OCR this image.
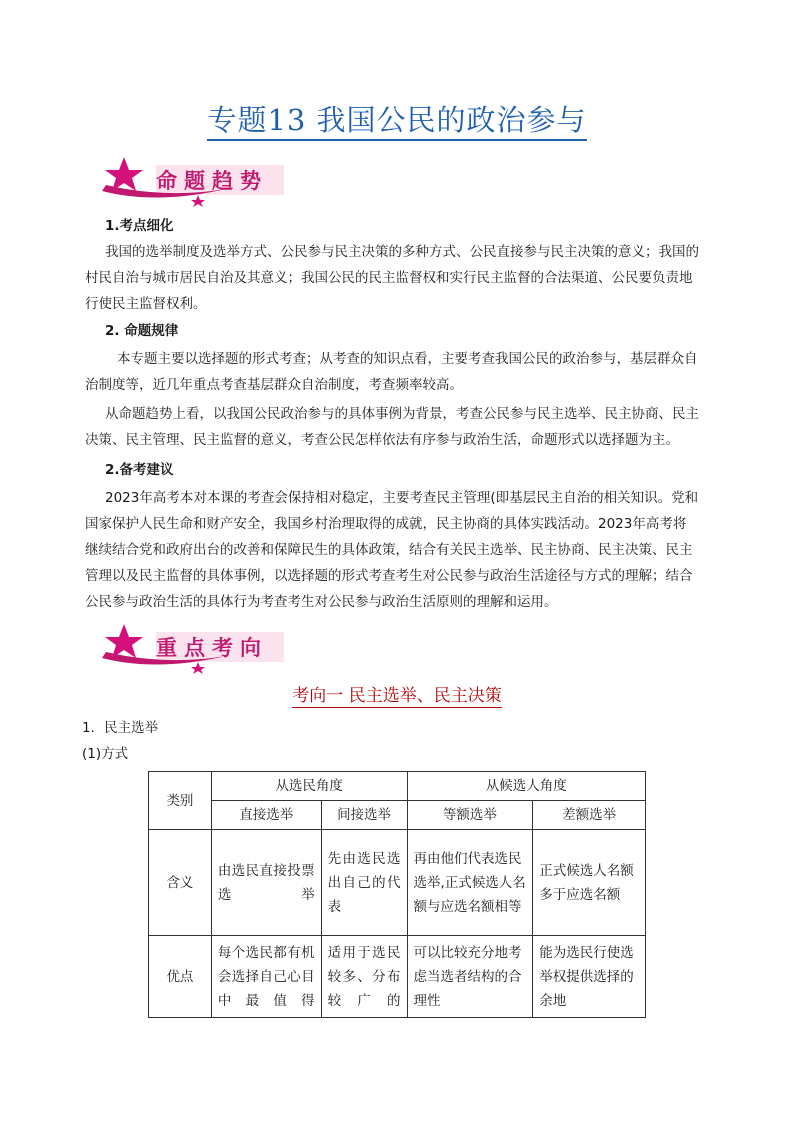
专题13 我国公民的政治参与
命题趋势
1.考点细化
我国的选举制度及选举方式、公民参与民主决策的多种方式、公民直接参与民主决策的意义；我国的村民自治与城市居民自治及其意义；我国公民的民主监督权和实行民主监督的合法渠道、公民要负责地行使民主监督权利。
2. 命题规律
本专题主要以选择题的形式考查；从考查的知识点看，主要考查我国公民的政治参与，基层群众自治制度等，近几年重点考查基层群众自治制度，考查频率较高。
从命题趋势上看，以我国公民政治参与的具体事例为背景，考查公民参与民主选举、民主协商、民主决策、民主管理、民主监督的意义，考查公民怎样依法有序参与政治生活，命题形式以选择题为主。
2.备考建议
2023年高考本对本课的考查会保持相对稳定，主要考查民主管理(即基层民主自治的相关知识。党和国家保护人民生命和财产安全，我国乡村治理取得的成就，民主协商的具体实践活动。2023年高考将继续结合党和政府出台的改善和保障民生的具体政策，结合有关民主选举、民主协商、民主决策、民主管理以及民主监督的具体事例，以选择题的形式考查考生对公民参与政治生活途径与方式的理解；结合公民参与政治生活的具体行为考查考生对公民参与政治生活原则的理解和运用。
重点考向
考向一 民主选举、民主决策
1．民主选举
(1)方式
类别	从选民角度		从候选人角度	
	直接选举	间接选举	等额选举	差额选举
含义	由选民直接投票选举	先由选民选出自己的代表	再由他们代表选民选举,正式候选人名额与应选名额相等	正式候选人名额多于应选名额
优点	每个选民都有机会选择自己心目中最值得	适用于选民较多、分布较广的	可以比较充分地考虑当选者结构的合理性	能为选民行使选举权提供选择的余地
